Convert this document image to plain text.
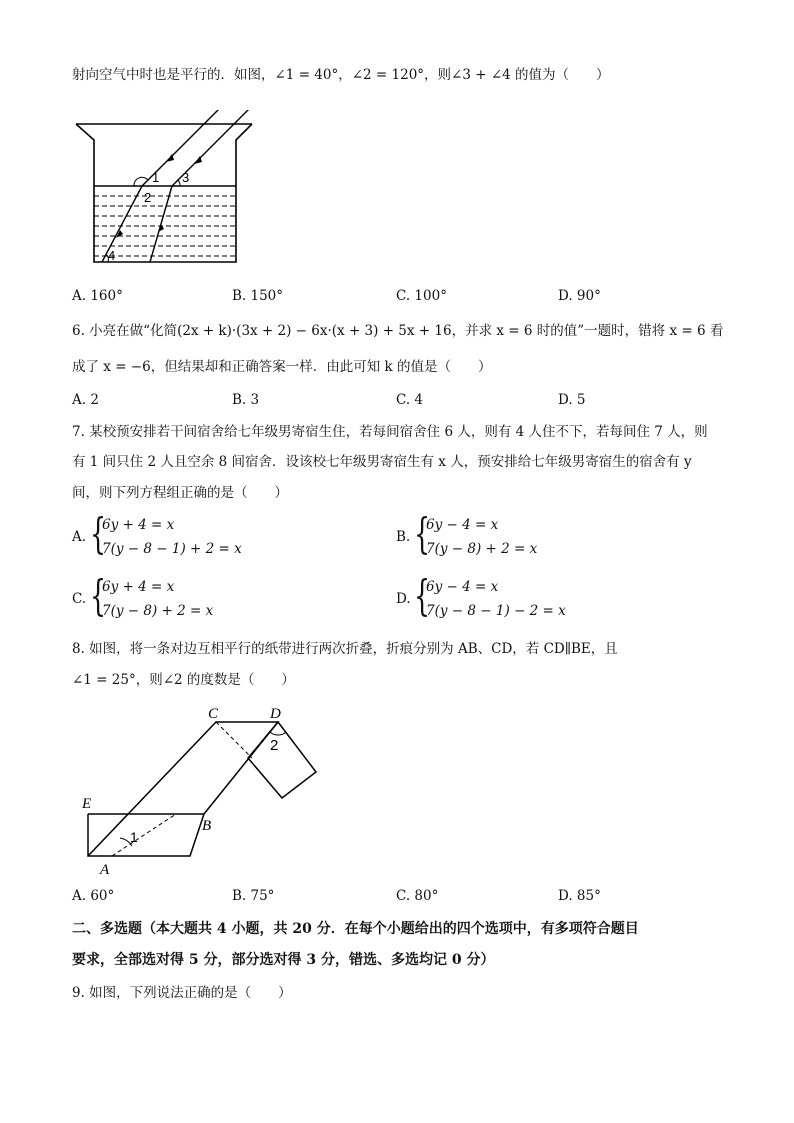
射向空气中时也是平行的．如图，∠1 = 40°，∠2 = 120°，则∠3 + ∠4 的值为（　　）
1
2
3
4
A. 160°	B. 150°	C. 100°	D. 90°
6. 小亮在做“化简(2x + k)·(3x + 2) − 6x·(x + 3) + 5x + 16，并求 x = 6 时的值”一题时，错将 x = 6 看
成了 x = −6，但结果却和正确答案一样．由此可知 k 的值是（　　）
A. 2	B. 3	C. 4	D. 5
7. 某校预安排若干间宿舍给七年级男寄宿生住，若每间宿舍住 6 人，则有 4 人住不下，若每间住 7 人，则
有 1 间只住 2 人且空余 8 间宿舍．设该校七年级男寄宿生有 x 人，预安排给七年级男寄宿生的宿舍有 y
间，则下列方程组正确的是（　　）
A. {
6y + 4 = x
7(y − 8 − 1) + 2 = x
B. {
6y − 4 = x
7(y − 8) + 2 = x
C. {
6y + 4 = x
7(y − 8) + 2 = x
D. {
6y − 4 = x
7(y − 8 − 1) − 2 = x
8. 如图，将一条对边互相平行的纸带进行两次折叠，折痕分别为 AB、CD，若 CD∥BE，且
∠1 = 25°，则∠2 的度数是（　　）
C	D
2
E
B
1
A
A. 60°	B. 75°	C. 80°	D. 85°
二、多选题（本大题共 4 小题，共 20 分．在每个小题给出的四个选项中，有多项符合题目
要求，全部选对得 5 分，部分选对得 3 分，错选、多选均记 0 分）
9. 如图，下列说法正确的是（　　）
